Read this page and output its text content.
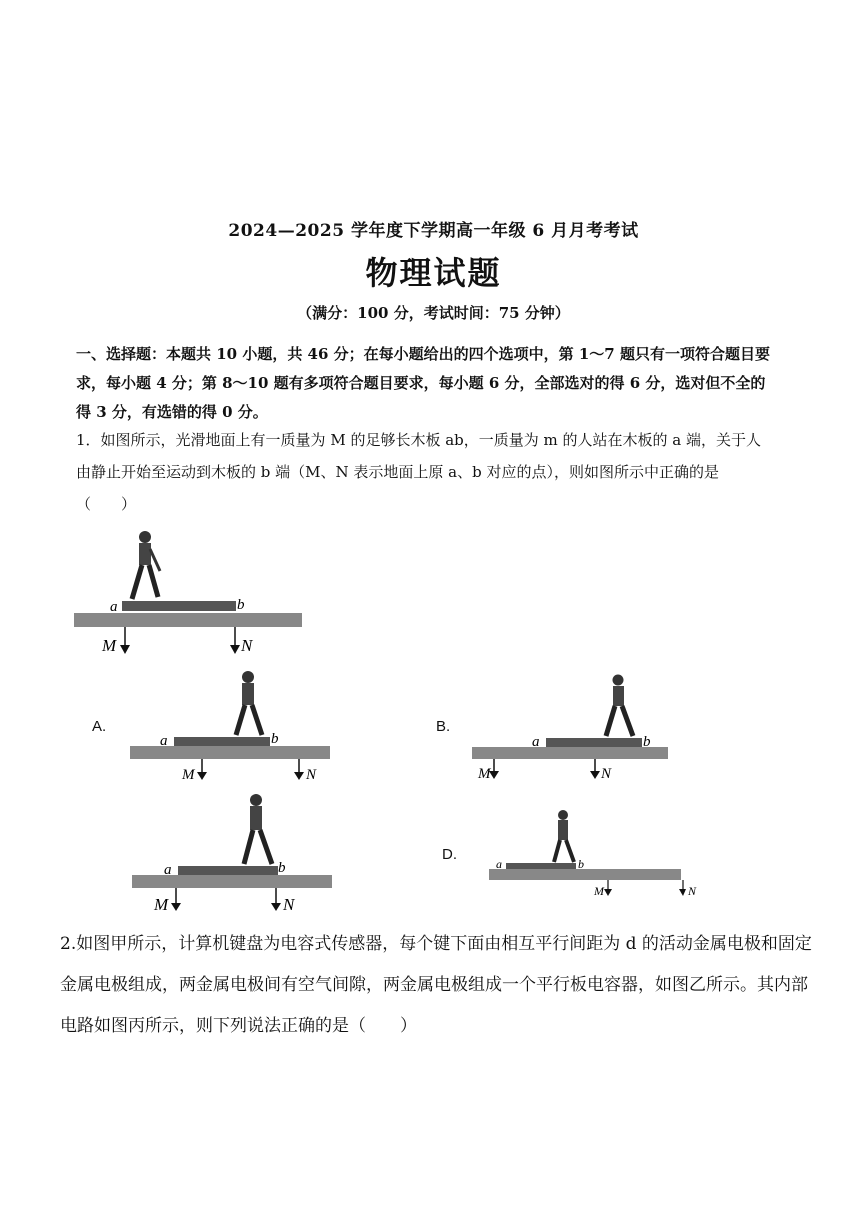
2024—2025 学年度下学期高一年级 6 月月考考试
物理试题
（满分：100 分，考试时间：75 分钟）
一、选择题：本题共 10 小题，共 46 分；在每小题给出的四个选项中，第 1～7 题只有一项符合题目要求，每小题 4 分；第 8～10 题有多项符合题目要求，每小题 6 分，全部选对的得 6 分，选对但不全的得 3 分，有选错的得 0 分。
1．如图所示，光滑地面上有一质量为 M 的足够长木板 ab，一质量为 m 的人站在木板的 a 端，关于人由静止开始至运动到木板的 b 端（M、N 表示地面上原 a、b 对应的点），则如图所示中正确的是（　　）
a	b
M	N
A.
a	b
M	N
B.
a	b
M	N
a	b
M	N
D.
a	b
M	N
2.如图甲所示，计算机键盘为电容式传感器，每个键下面由相互平行间距为 d 的活动金属电极和固定金属电极组成，两金属电极间有空气间隙，两金属电极组成一个平行板电容器，如图乙所示。其内部电路如图丙所示，则下列说法正确的是（　　）
